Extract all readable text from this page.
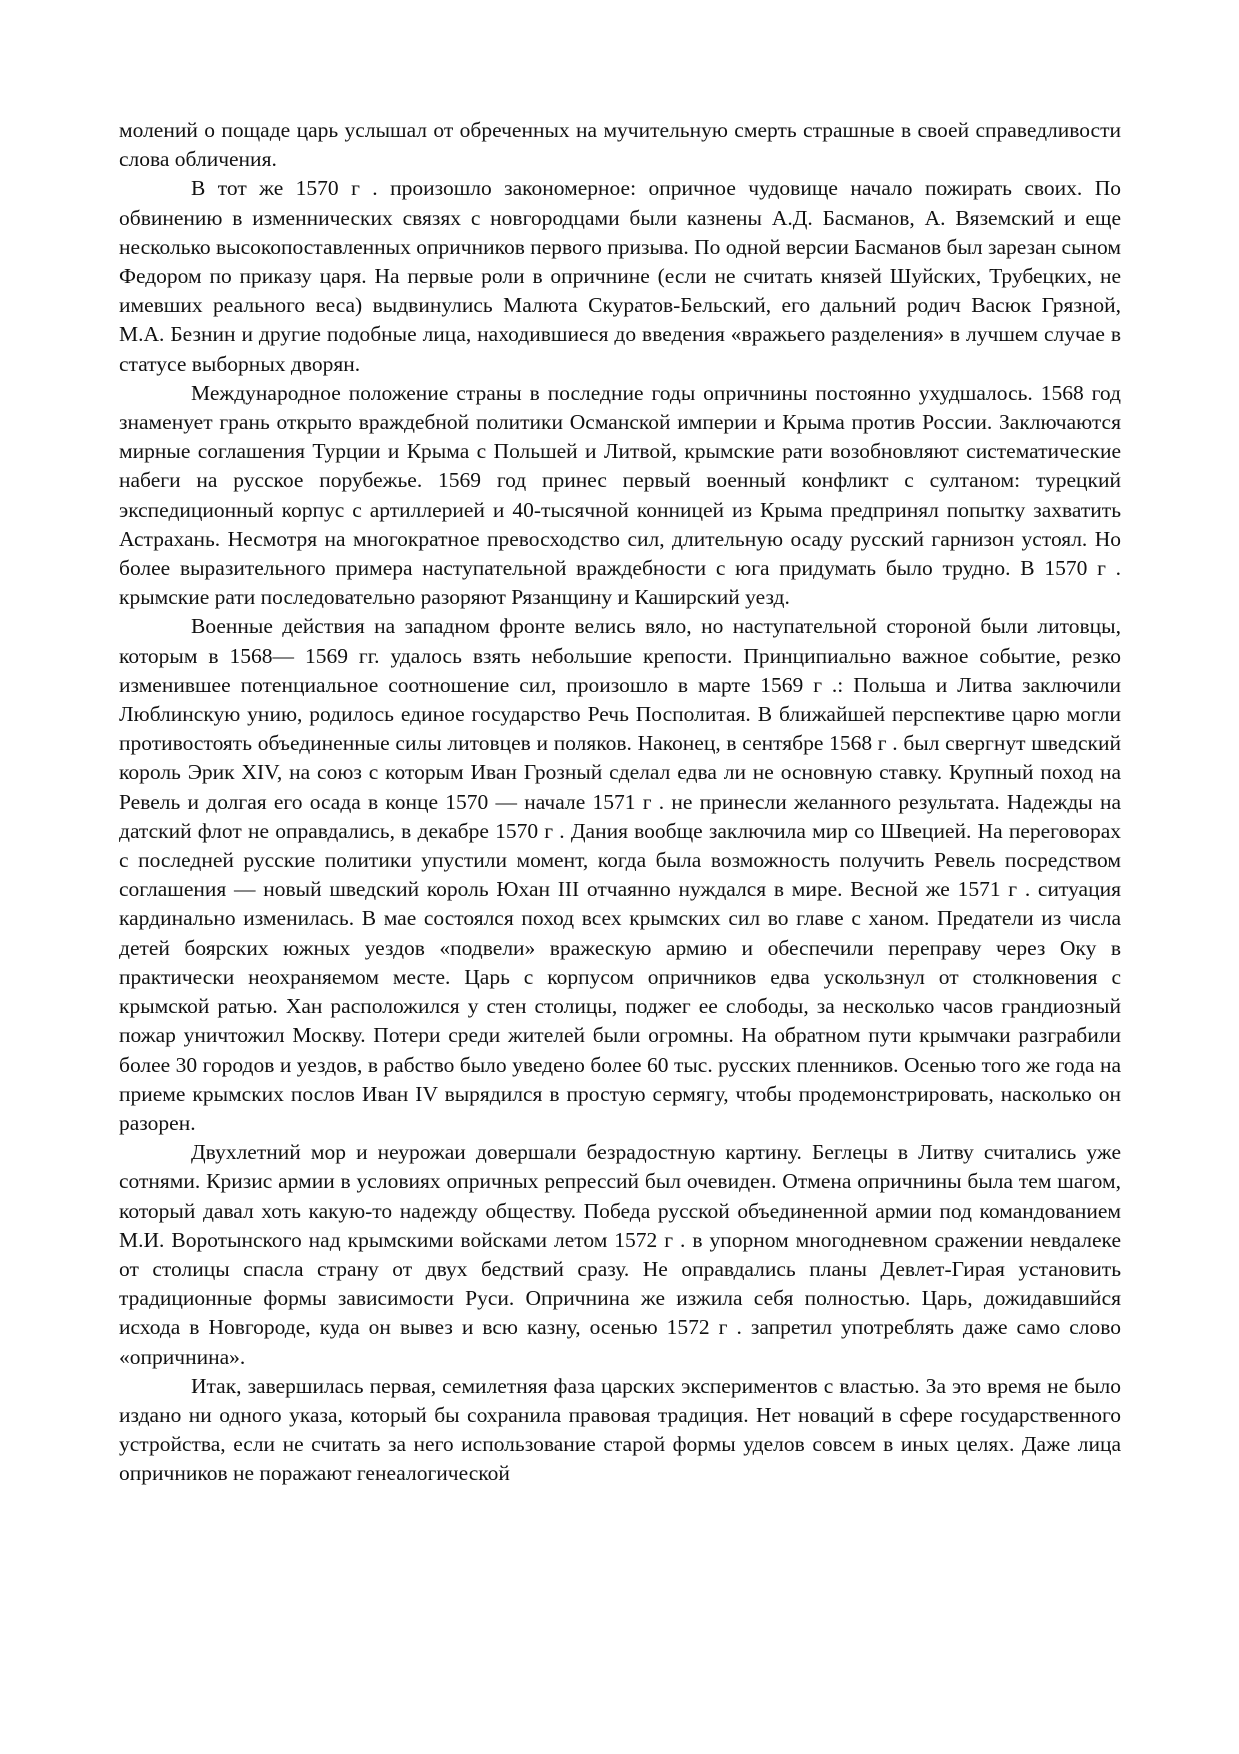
молений о пощаде царь услышал от обреченных на мучительную смерть страшные в своей справедливости слова обличения.

В тот же 1570 г . произошло закономерное: опричное чудовище начало пожирать своих. По обвинению в изменнических связях с новгородцами были казнены А.Д. Басманов, А. Вяземский и еще несколько высокопоставленных опричников первого призыва. По одной версии Басманов был зарезан сыном Федором по приказу царя. На первые роли в опричнине (если не считать князей Шуйских, Трубецких, не имевших реального веса) выдвинулись Малюта Скуратов-Бельский, его дальний родич Васюк Грязной, М.А. Безнин и другие подобные лица, находившиеся до введения «вражьего разделения» в лучшем случае в статусе выборных дворян.

Международное положение страны в последние годы опричнины постоянно ухудшалось. 1568 год знаменует грань открыто враждебной политики Османской империи и Крыма против России. Заключаются мирные соглашения Турции и Крыма с Польшей и Литвой, крымские рати возобновляют систематические набеги на русское порубежье. 1569 год принес первый военный конфликт с султаном: турецкий экспедиционный корпус с артиллерией и 40-тысячной конницей из Крыма предпринял попытку захватить Астрахань. Несмотря на многократное превосходство сил, длительную осаду русский гарнизон устоял. Но более выразительного примера наступательной враждебности с юга придумать было трудно. В 1570 г . крымские рати последовательно разоряют Рязанщину и Каширский уезд.

Военные действия на западном фронте велись вяло, но наступательной стороной были литовцы, которым в 1568— 1569 гг. удалось взять небольшие крепости. Принципиально важное событие, резко изменившее потенциальное соотношение сил, произошло в марте 1569 г .: Польша и Литва заключили Люблинскую унию, родилось единое государство Речь Посполитая. В ближайшей перспективе царю могли противостоять объединенные силы литовцев и поляков. Наконец, в сентябре 1568 г . был свергнут шведский король Эрик XIV, на союз с которым Иван Грозный сделал едва ли не основную ставку. Крупный поход на Ревель и долгая его осада в конце 1570 — начале 1571 г . не принесли желанного результата. Надежды на датский флот не оправдались, в декабре 1570 г . Дания вообще заключила мир со Швецией. На переговорах с последней русские политики упустили момент, когда была возможность получить Ревель посредством соглашения — новый шведский король Юхан III отчаянно нуждался в мире. Весной же 1571 г . ситуация кардинально изменилась. В мае состоялся поход всех крымских сил во главе с ханом. Предатели из числа детей боярских южных уездов «подвели» вражескую армию и обеспечили переправу через Оку в практически неохраняемом месте. Царь с корпусом опричников едва ускользнул от столкновения с крымской ратью. Хан расположился у стен столицы, поджег ее слободы, за несколько часов грандиозный пожар уничтожил Москву. Потери среди жителей были огромны. На обратном пути крымчаки разграбили более 30 городов и уездов, в рабство было уведено более 60 тыс. русских пленников. Осенью того же года на приеме крымских послов Иван IV вырядился в простую сермягу, чтобы продемонстрировать, насколько он разорен.

Двухлетний мор и неурожаи довершали безрадостную картину. Беглецы в Литву считались уже сотнями. Кризис армии в условиях опричных репрессий был очевиден. Отмена опричнины была тем шагом, который давал хоть какую-то надежду обществу. Победа русской объединенной армии под командованием М.И. Воротынского над крымскими войсками летом 1572 г . в упорном многодневном сражении невдалеке от столицы спасла страну от двух бедствий сразу. Не оправдались планы Девлет-Гирая установить традиционные формы зависимости Руси. Опричнина же изжила себя полностью. Царь, дожидавшийся исхода в Новгороде, куда он вывез и всю казну, осенью 1572 г . запретил употреблять даже само слово «опричнина».

Итак, завершилась первая, семилетняя фаза царских экспериментов с властью. За это время не было издано ни одного указа, который бы сохранила правовая традиция. Нет новаций в сфере государственного устройства, если не считать за него использование старой формы уделов совсем в иных целях. Даже лица опричников не поражают генеалогической
